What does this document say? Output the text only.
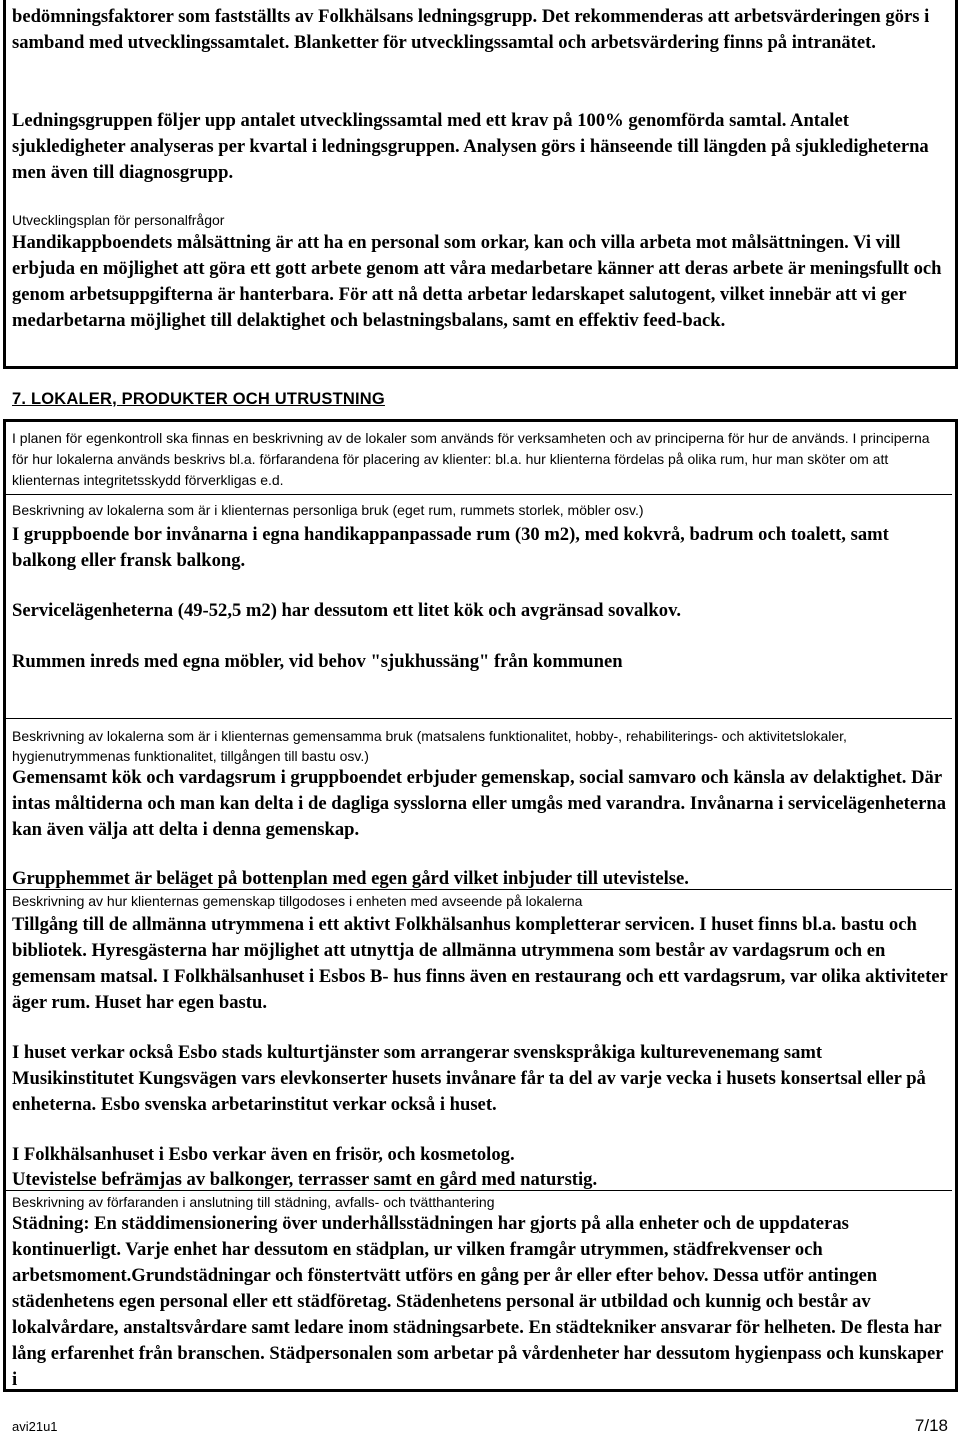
bedömningsfaktorer som fastställts av Folkhälsans ledningsgrupp. Det rekommenderas att arbetsvärderingen görs i samband med utvecklingssamtalet. Blanketter för utvecklingssamtal och arbetsvärdering finns på intranätet.
Ledningsgruppen följer upp antalet utvecklingssamtal med ett krav på 100% genomförda samtal. Antalet sjukledigheter analyseras per kvartal i ledningsgruppen. Analysen görs i hänseende till längden på sjukledigheterna men även till diagnosgrupp.
Utvecklingsplan för personalfrågor
Handikappboendets målsättning är att ha en personal som orkar, kan och villa arbeta mot målsättningen. Vi vill erbjuda en möjlighet att göra ett gott arbete genom att våra medarbetare känner att deras arbete är meningsfullt och genom arbetsuppgifterna är hanterbara. För att nå detta arbetar ledarskapet salutogent, vilket innebär att vi ger medarbetarna möjlighet till delaktighet och belastningsbalans, samt en effektiv feed-back.
7. LOKALER, PRODUKTER OCH UTRUSTNING
I planen för egenkontroll ska finnas en beskrivning av de lokaler som används för verksamheten och av principerna för hur de används. I principerna för hur lokalerna används beskrivs bl.a. förfarandena för placering av klienter: bl.a. hur klienterna fördelas på olika rum, hur man sköter om att klienternas integritetsskydd förverkligas e.d.
Beskrivning av lokalerna som är i klienternas personliga bruk (eget rum, rummets storlek, möbler osv.)
I gruppboende bor invånarna i egna handikappanpassade rum (30 m2), med kokvrå, badrum och toalett, samt balkong eller fransk balkong.
Servicelägenheterna (49-52,5 m2) har dessutom ett litet kök och avgränsad sovalkov.
Rummen inreds med egna möbler, vid behov "sjukhussäng" från kommunen
Beskrivning av lokalerna som är i klienternas gemensamma bruk (matsalens funktionalitet, hobby-, rehabiliterings- och aktivitetslokaler, hygienutrymmenas funktionalitet, tillgången till bastu osv.)
Gemensamt kök och vardagsrum i gruppboendet erbjuder gemenskap, social samvaro och känsla av delaktighet. Där intas måltiderna och man kan delta i de dagliga sysslorna eller umgås med varandra. Invånarna i servicelägenheterna kan även välja att delta i denna gemenskap.
Grupphemmet är beläget på bottenplan med egen gård vilket inbjuder till utevistelse.
Beskrivning av hur klienternas gemenskap tillgodoses i enheten med avseende på lokalerna
Tillgång till de allmänna utrymmena i ett aktivt Folkhälsanhus kompletterar servicen. I huset finns bl.a. bastu och bibliotek. Hyresgästerna har möjlighet att utnyttja de allmänna utrymmena som består av vardagsrum och en gemensam matsal. I Folkhälsanhuset i Esbos B- hus finns även en restaurang och ett vardagsrum, var olika aktiviteter äger rum. Huset har egen bastu.
I huset verkar också Esbo stads kulturtjänster som arrangerar svenskspråkiga kulturevenemang samt Musikinstitutet Kungsvägen vars elevkonserter husets invånare får ta del av varje vecka i husets konsertsal eller på enheterna. Esbo svenska arbetarinstitut verkar också i huset.
I Folkhälsanhuset i Esbo verkar även en frisör, och kosmetolog.
Utevistelse befrämjas av balkonger, terrasser samt en gård med naturstig.
Beskrivning av förfaranden i anslutning till städning, avfalls- och tvätthantering
Städning: En städdimensionering över underhållsstädningen har gjorts på alla enheter och de uppdateras kontinuerligt. Varje enhet har dessutom en städplan, ur vilken framgår utrymmen, städfrekvenser och arbetsmoment.Grundstädningar och fönstertvätt utförs en gång per år eller efter behov. Dessa utför antingen städenhetens egen personal eller ett städföretag. Städenhetens personal är utbildad och kunnig och består av lokalvårdare, anstaltsvårdare samt ledare inom städningsarbete. En städtekniker ansvarar för helheten. De flesta har lång erfarenhet från branschen. Städpersonalen som arbetar på vårdenheter har dessutom hygienpass och kunskaper i
avi21u1	7/18
